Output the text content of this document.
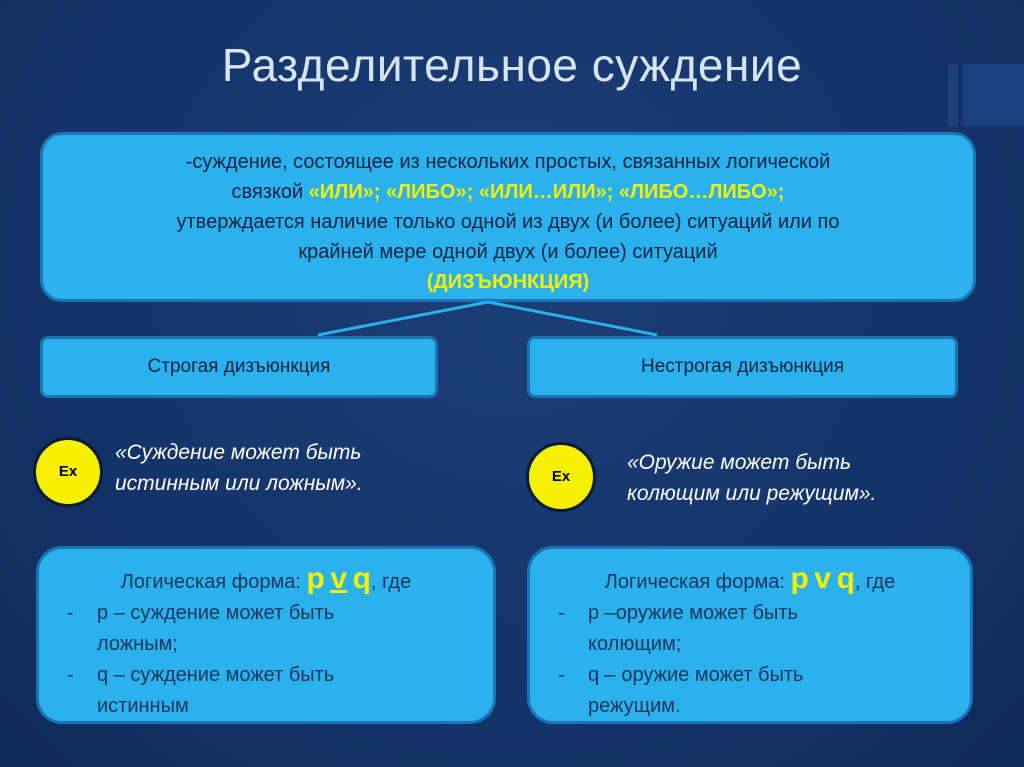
Разделительное суждение
-суждение, состоящее из нескольких простых, связанных логической
связкой «ИЛИ»; «ЛИБО»; «ИЛИ…ИЛИ»; «ЛИБО…ЛИБО»;
утверждается наличие только одной из двух (и более) ситуаций или по
крайней мере одной двух (и более) ситуаций
(ДИЗЪЮНКЦИЯ)
Строгая дизъюнкция	Нестрогая дизъюнкция
Ex
«Суждение может быть
истинным или ложным».	Ex
«Оружие может быть
колющим или режущим».
Логическая форма: p v q, где
-	p – суждение может быть
ложным;
-	q – суждение может быть
истинным
Логическая форма: p v q, где
-	p –оружие может быть
колющим;
-	q – оружие может быть
режущим.
